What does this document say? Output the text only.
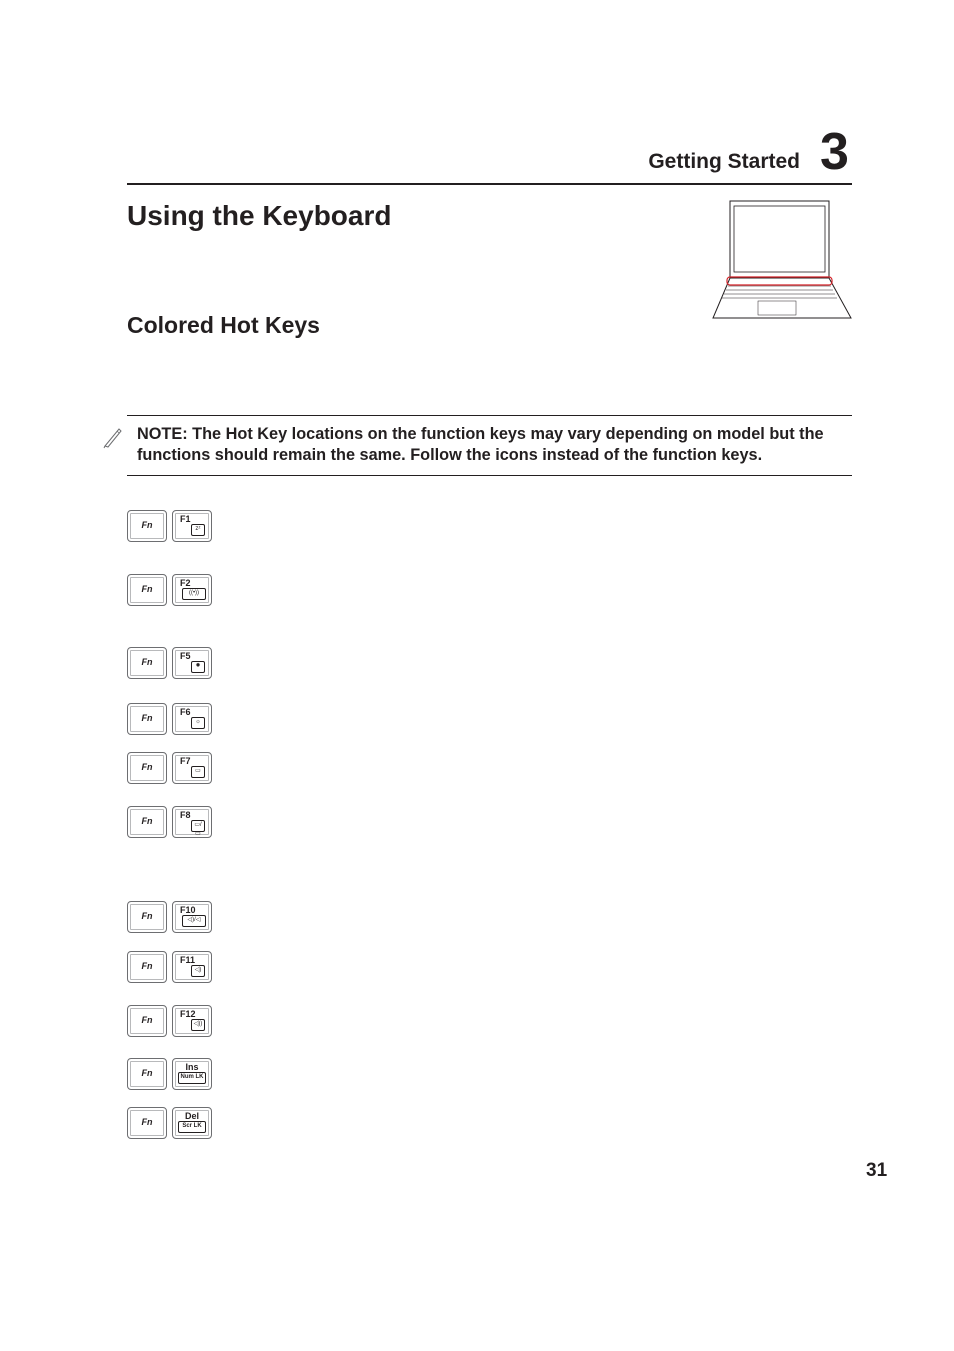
Getting Started 3
Using the Keyboard
Colored Hot Keys
NOTE: The Hot Key locations on the function keys may vary depending on model but the functions should remain the same. Follow the icons instead of the function keys.
Fn
F1
zᶻ
Fn
F2
((•))
Fn
F5
✹
Fn
F6
☼
Fn
F7
▭
Fn
F8
▭/▭
Fn
F10
◁)/◁
Fn
F11
◁)
Fn
F12
◁))
Fn
Ins
Num LK
Fn
Del
Scr LK
31
